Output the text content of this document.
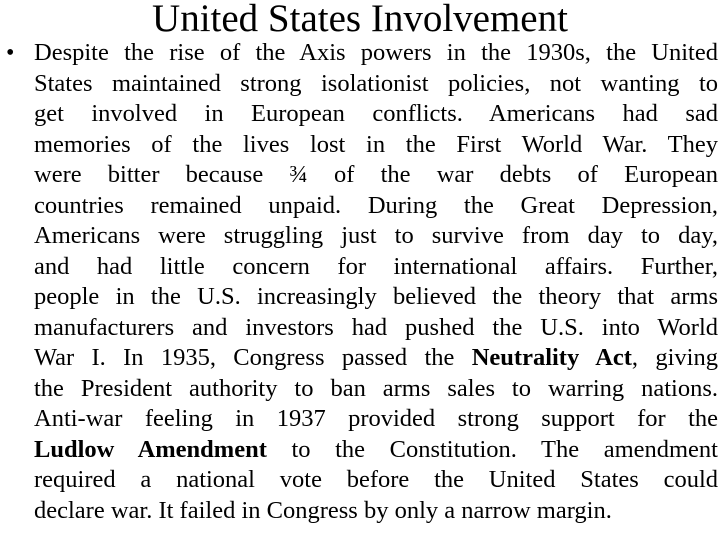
United States Involvement
• Despite the rise of the Axis powers in the 1930s, the United
States maintained strong isolationist policies, not wanting to
get involved in European conflicts. Americans had sad
memories of the lives lost in the First World War. They
were bitter because ¾ of the war debts of European
countries remained unpaid. During the Great Depression,
Americans were struggling just to survive from day to day,
and had little concern for international affairs. Further,
people in the U.S. increasingly believed the theory that arms
manufacturers and investors had pushed the U.S. into World
War I. In 1935, Congress passed the Neutrality Act, giving
the President authority to ban arms sales to warring nations.
Anti-war feeling in 1937 provided strong support for the
Ludlow Amendment to the Constitution. The amendment
required a national vote before the United States could
declare war. It failed in Congress by only a narrow margin.
